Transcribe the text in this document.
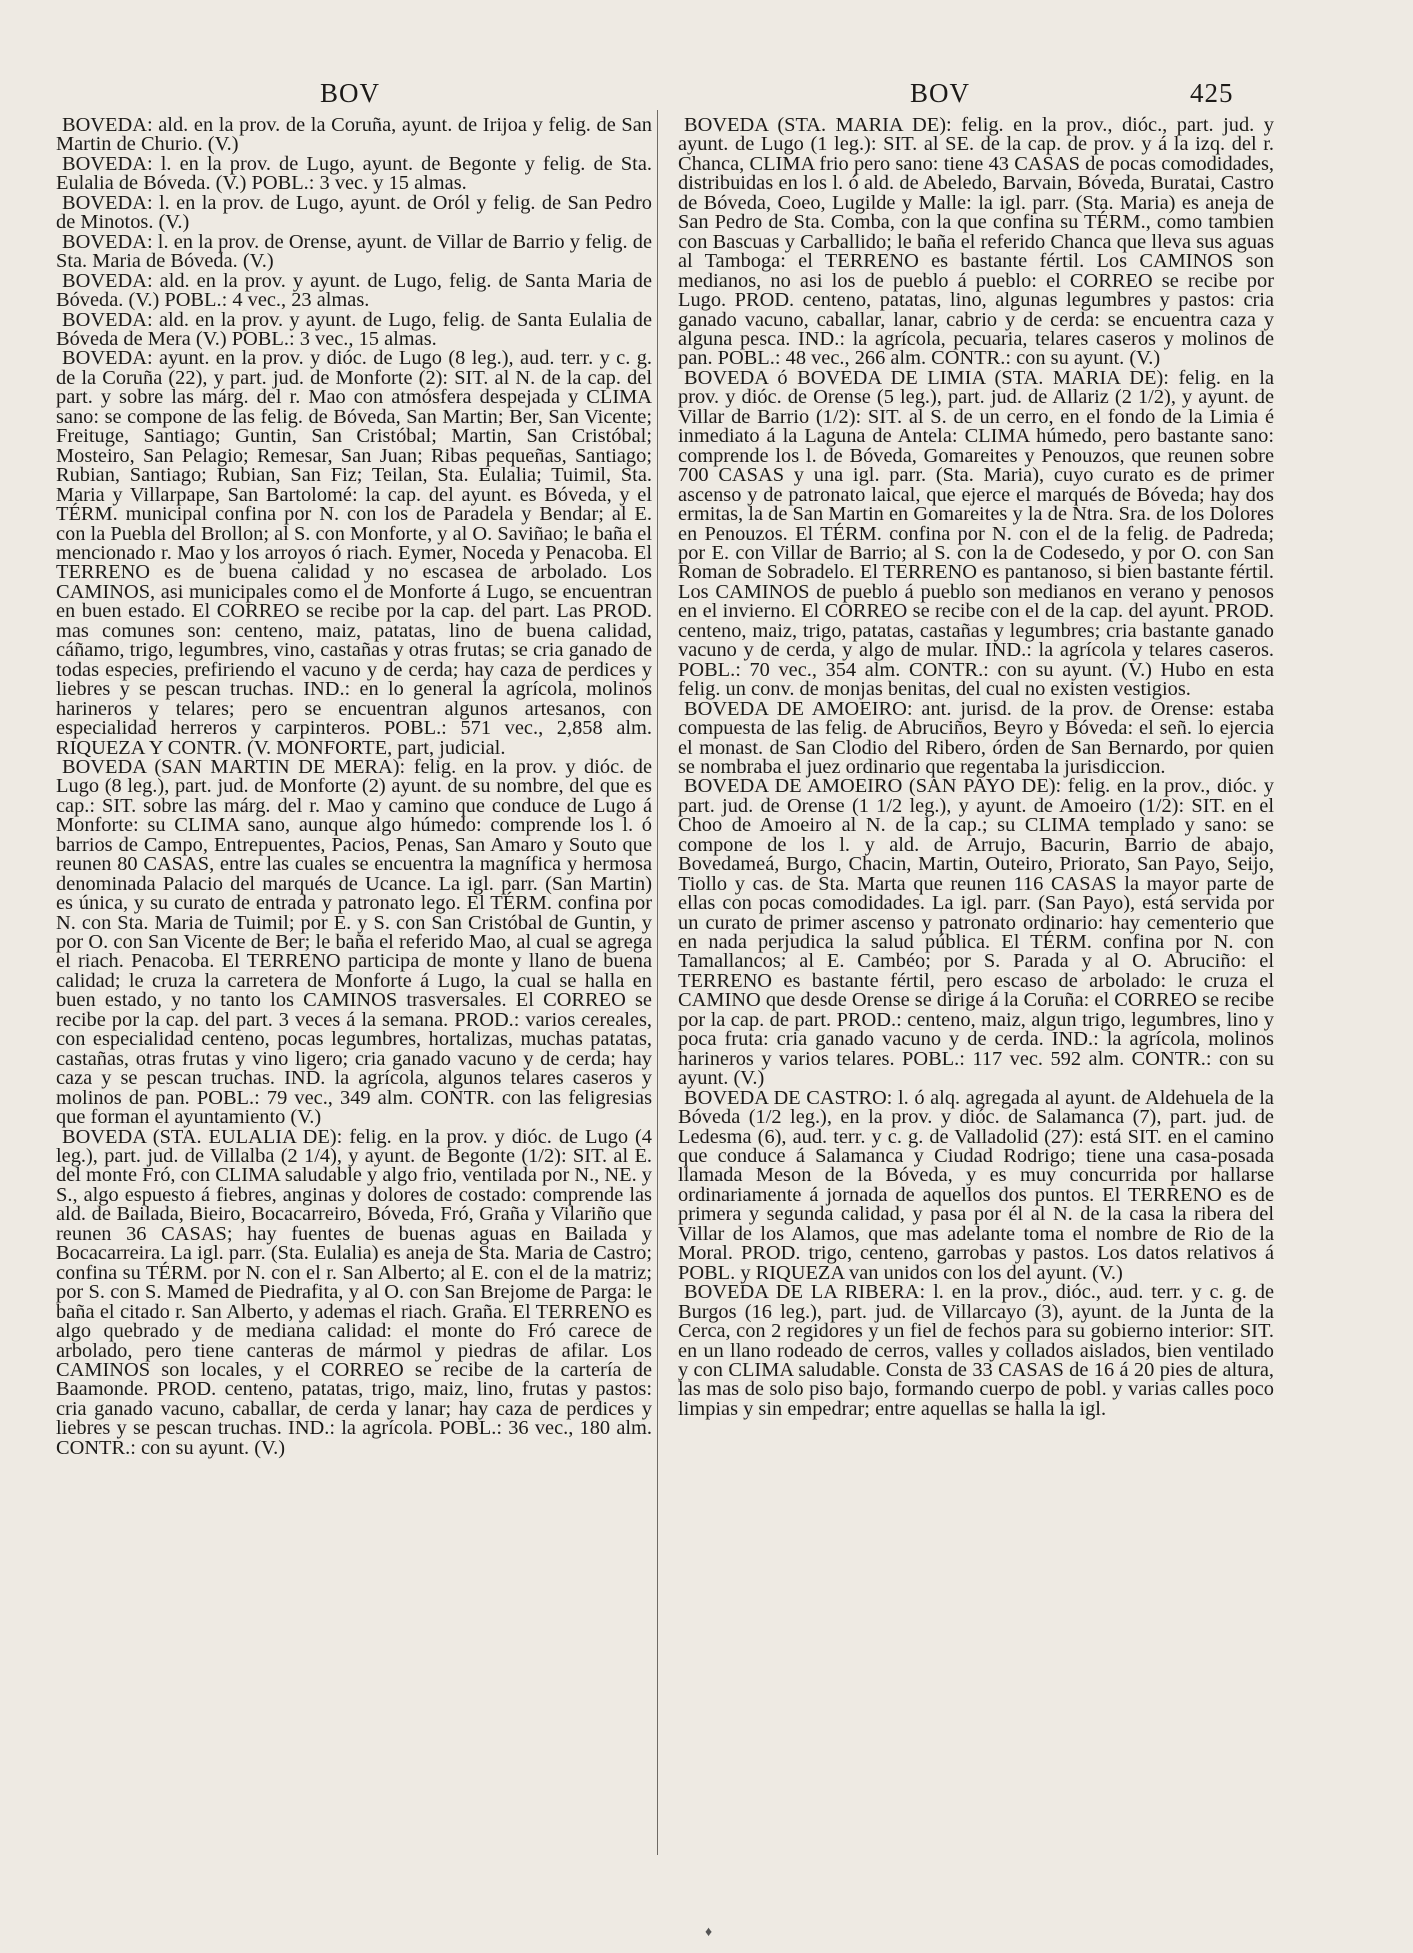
BOV	BOV	425

BOVEDA: ald. en la prov. de la Coruña, ayunt. de Irijoa y felig. de San Martin de Churio. (V.)

BOVEDA: l. en la prov. de Lugo, ayunt. de Begonte y felig. de Sta. Eulalia de Bóveda. (V.) POBL.: 3 vec. y 15 almas.

BOVEDA: l. en la prov. de Lugo, ayunt. de Oról y felig. de San Pedro de Minotos. (V.)

BOVEDA: l. en la prov. de Orense, ayunt. de Villar de Barrio y felig. de Sta. Maria de Bóveda. (V.)

BOVEDA: ald. en la prov. y ayunt. de Lugo, felig. de Santa Maria de Bóveda. (V.) POBL.: 4 vec., 23 almas.

BOVEDA: ald. en la prov. y ayunt. de Lugo, felig. de Santa Eulalia de Bóveda de Mera (V.) POBL.: 3 vec., 15 almas.

BOVEDA: ayunt. en la prov. y dióc. de Lugo (8 leg.), aud. terr. y c. g. de la Coruña (22), y part. jud. de Monforte (2): SIT. al N. de la cap. del part. y sobre las márg. del r. Mao con atmósfera despejada y CLIMA sano: se compone de las felig. de Bóveda, San Martin; Ber, San Vicente; Freituge, Santiago; Guntin, San Cristóbal; Martin, San Cristóbal; Mosteiro, San Pelagio; Remesar, San Juan; Ribas pequeñas, Santiago; Rubian, Santiago; Rubian, San Fiz; Teilan, Sta. Eulalia; Tuimil, Sta. Maria y Villarpape, San Bartolomé: la cap. del ayunt. es Bóveda, y el TÉRM. municipal confina por N. con los de Paradela y Bendar; al E. con la Puebla del Brollon; al S. con Monforte, y al O. Saviñao; le baña el mencionado r. Mao y los arroyos ó riach. Eymer, Noceda y Penacoba. El TERRENO es de buena calidad y no escasea de arbolado. Los CAMINOS, asi municipales como el de Monforte á Lugo, se encuentran en buen estado. El CORREO se recibe por la cap. del part. Las PROD. mas comunes son: centeno, maiz, patatas, lino de buena calidad, cáñamo, trigo, legumbres, vino, castañas y otras frutas; se cria ganado de todas especies, prefiriendo el vacuno y de cerda; hay caza de perdices y liebres y se pescan truchas. IND.: en lo general la agrícola, molinos harineros y telares; pero se encuentran algunos artesanos, con especialidad herreros y carpinteros. POBL.: 571 vec., 2,858 alm. RIQUEZA Y CONTR. (V. MONFORTE, part, judicial.

BOVEDA (SAN MARTIN DE MERA): felig. en la prov. y dióc. de Lugo (8 leg.), part. jud. de Monforte (2) ayunt. de su nombre, del que es cap.: SIT. sobre las márg. del r. Mao y camino que conduce de Lugo á Monforte: su CLIMA sano, aunque algo húmedo: comprende los l. ó barrios de Campo, Entrepuentes, Pacios, Penas, San Amaro y Souto que reunen 80 CASAS, entre las cuales se encuentra la magnífica y hermosa denominada Palacio del marqués de Ucance. La igl. parr. (San Martin) es única, y su curato de entrada y patronato lego. El TÉRM. confina por N. con Sta. Maria de Tuimil; por E. y S. con San Cristóbal de Guntin, y por O. con San Vicente de Ber; le baña el referido Mao, al cual se agrega el riach. Penacoba. El TERRENO participa de monte y llano de buena calidad; le cruza la carretera de Monforte á Lugo, la cual se halla en buen estado, y no tanto los CAMINOS trasversales. El CORREO se recibe por la cap. del part. 3 veces á la semana. PROD.: varios cereales, con especialidad centeno, pocas legumbres, hortalizas, muchas patatas, castañas, otras frutas y vino ligero; cria ganado vacuno y de cerda; hay caza y se pescan truchas. IND. la agrícola, algunos telares caseros y molinos de pan. POBL.: 79 vec., 349 alm. CONTR. con las feligresias que forman el ayuntamiento (V.)

BOVEDA (STA. EULALIA DE): felig. en la prov. y dióc. de Lugo (4 leg.), part. jud. de Villalba (2 1/4), y ayunt. de Begonte (1/2): SIT. al E. del monte Fró, con CLIMA saludable y algo frio, ventilada por N., NE. y S., algo espuesto á fiebres, anginas y dolores de costado: comprende las ald. de Bailada, Bieiro, Bocacarreiro, Bóveda, Fró, Graña y Vilariño que reunen 36 CASAS; hay fuentes de buenas aguas en Bailada y Bocacarreira. La igl. parr. (Sta. Eulalia) es aneja de Sta. Maria de Castro; confina su TÉRM. por N. con el r. San Alberto; al E. con el de la matriz; por S. con S. Mamed de Piedrafita, y al O. con San Brejome de Parga: le baña el citado r. San Alberto, y ademas el riach. Graña. El TERRENO es algo quebrado y de mediana calidad: el monte do Fró carece de arbolado, pero tiene canteras de mármol y piedras de afilar. Los CAMINOS son locales, y el CORREO se recibe de la cartería de Baamonde. PROD. centeno, patatas, trigo, maiz, lino, frutas y pastos: cria ganado vacuno, caballar, de cerda y lanar; hay caza de perdices y liebres y se pescan truchas. IND.: la agrícola. POBL.: 36 vec., 180 alm. CONTR.: con su ayunt. (V.)

BOVEDA (STA. MARIA DE): felig. en la prov., dióc., part. jud. y ayunt. de Lugo (1 leg.): SIT. al SE. de la cap. de prov. y á la izq. del r. Chanca, CLIMA frio pero sano: tiene 43 CASAS de pocas comodidades, distribuidas en los l. ó ald. de Abeledo, Barvain, Bóveda, Buratai, Castro de Bóveda, Coeo, Lugilde y Malle: la igl. parr. (Sta. Maria) es aneja de San Pedro de Sta. Comba, con la que confina su TÉRM., como tambien con Bascuas y Carballido; le baña el referido Chanca que lleva sus aguas al Tamboga: el TERRENO es bastante fértil. Los CAMINOS son medianos, no asi los de pueblo á pueblo: el CORREO se recibe por Lugo. PROD. centeno, patatas, lino, algunas legumbres y pastos: cria ganado vacuno, caballar, lanar, cabrio y de cerda: se encuentra caza y alguna pesca. IND.: la agrícola, pecuaria, telares caseros y molinos de pan. POBL.: 48 vec., 266 alm. CONTR.: con su ayunt. (V.)

BOVEDA ó BOVEDA DE LIMIA (STA. MARIA DE): felig. en la prov. y dióc. de Orense (5 leg.), part. jud. de Allariz (2 1/2), y ayunt. de Villar de Barrio (1/2): SIT. al S. de un cerro, en el fondo de la Limia é inmediato á la Laguna de Antela: CLIMA húmedo, pero bastante sano: comprende los l. de Bóveda, Gomareites y Penouzos, que reunen sobre 700 CASAS y una igl. parr. (Sta. Maria), cuyo curato es de primer ascenso y de patronato laical, que ejerce el marqués de Bóveda; hay dos ermitas, la de San Martin en Gomareites y la de Ntra. Sra. de los Dolores en Penouzos. El TÉRM. confina por N. con el de la felig. de Padreda; por E. con Villar de Barrio; al S. con la de Codesedo, y por O. con San Roman de Sobradelo. El TERRENO es pantanoso, si bien bastante fértil. Los CAMINOS de pueblo á pueblo son medianos en verano y penosos en el invierno. El CORREO se recibe con el de la cap. del ayunt. PROD. centeno, maiz, trigo, patatas, castañas y legumbres; cria bastante ganado vacuno y de cerda, y algo de mular. IND.: la agrícola y telares caseros. POBL.: 70 vec., 354 alm. CONTR.: con su ayunt. (V.) Hubo en esta felig. un conv. de monjas benitas, del cual no existen vestigios.

BOVEDA DE AMOEIRO: ant. jurisd. de la prov. de Orense: estaba compuesta de las felig. de Abruciños, Beyro y Bóveda: el señ. lo ejercia el monast. de San Clodio del Ribero, órden de San Bernardo, por quien se nombraba el juez ordinario que regentaba la jurisdiccion.

BOVEDA DE AMOEIRO (SAN PAYO DE): felig. en la prov., dióc. y part. jud. de Orense (1 1/2 leg.), y ayunt. de Amoeiro (1/2): SIT. en el Choo de Amoeiro al N. de la cap.; su CLIMA templado y sano: se compone de los l. y ald. de Arrujo, Bacurin, Barrio de abajo, Bovedameá, Burgo, Chacin, Martin, Outeiro, Priorato, San Payo, Seijo, Tiollo y cas. de Sta. Marta que reunen 116 CASAS la mayor parte de ellas con pocas comodidades. La igl. parr. (San Payo), está servida por un curato de primer ascenso y patronato ordinario: hay cementerio que en nada perjudica la salud pública. El TÉRM. confina por N. con Tamallancos; al E. Cambéo; por S. Parada y al O. Abruciño: el TERRENO es bastante fértil, pero escaso de arbolado: le cruza el CAMINO que desde Orense se dirige á la Coruña: el CORREO se recibe por la cap. de part. PROD.: centeno, maiz, algun trigo, legumbres, lino y poca fruta: cria ganado vacuno y de cerda. IND.: la agrícola, molinos harineros y varios telares. POBL.: 117 vec. 592 alm. CONTR.: con su ayunt. (V.)

BOVEDA DE CASTRO: l. ó alq. agregada al ayunt. de Aldehuela de la Bóveda (1/2 leg.), en la prov. y dióc. de Salamanca (7), part. jud. de Ledesma (6), aud. terr. y c. g. de Valladolid (27): está SIT. en el camino que conduce á Salamanca y Ciudad Rodrigo; tiene una casa-posada llamada Meson de la Bóveda, y es muy concurrida por hallarse ordinariamente á jornada de aquellos dos puntos. El TERRENO es de primera y segunda calidad, y pasa por él al N. de la casa la ribera del Villar de los Alamos, que mas adelante toma el nombre de Rio de la Moral. PROD. trigo, centeno, garrobas y pastos. Los datos relativos á POBL. y RIQUEZA van unidos con los del ayunt. (V.)

BOVEDA DE LA RIBERA: l. en la prov., dióc., aud. terr. y c. g. de Burgos (16 leg.), part. jud. de Villarcayo (3), ayunt. de la Junta de la Cerca, con 2 regidores y un fiel de fechos para su gobierno interior: SIT. en un llano rodeado de cerros, valles y collados aislados, bien ventilado y con CLIMA saludable. Consta de 33 CASAS de 16 á 20 pies de altura, las mas de solo piso bajo, formando cuerpo de pobl. y varias calles poco limpias y sin empedrar; entre aquellas se halla la igl.

♦
